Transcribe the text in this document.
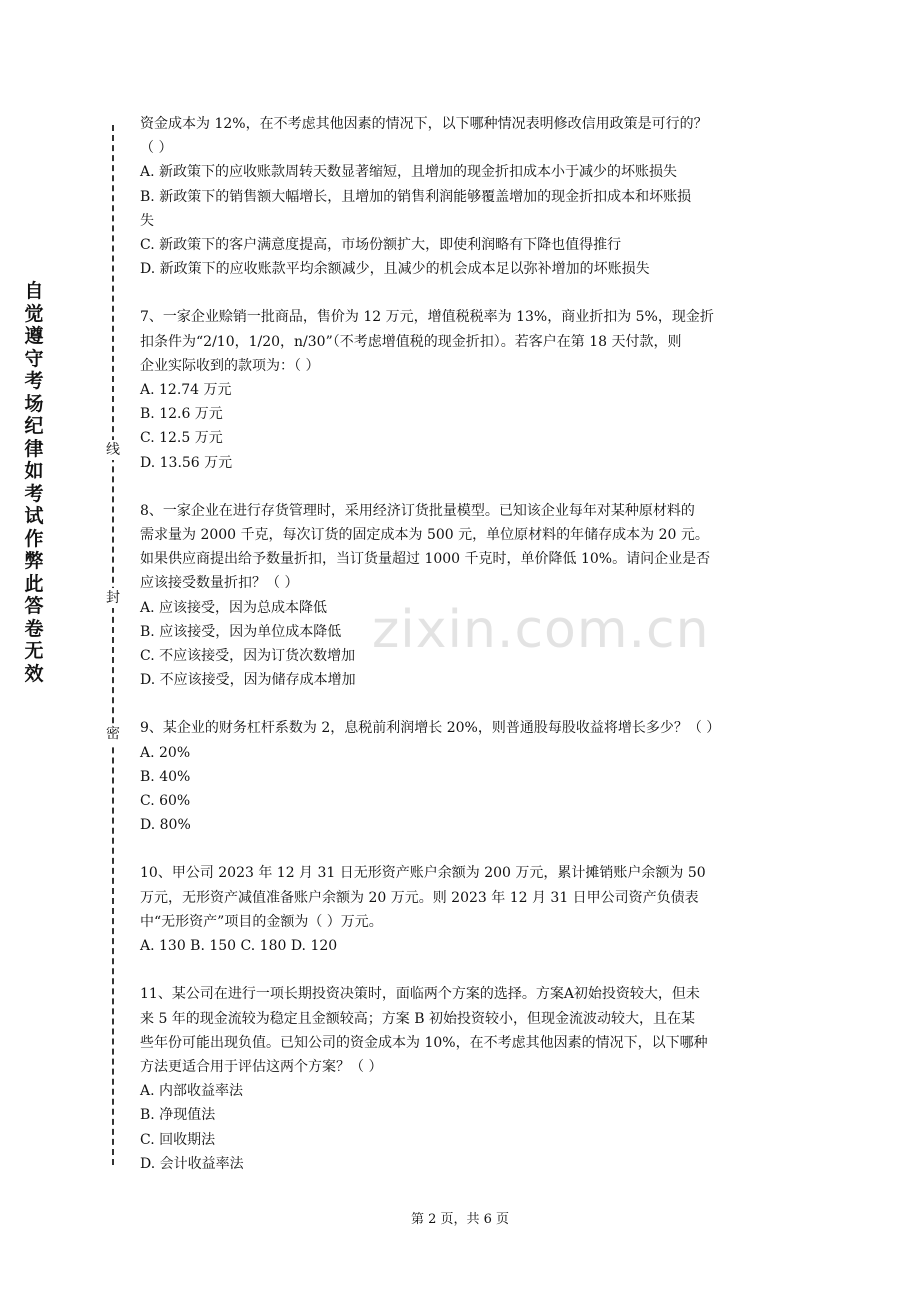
自
觉
遵
守
考
场
纪
律
如
考
试
作
弊
此
答
卷
无
效
线
封
密
zixin.com.cn

资金成本为 12%，在不考虑其他因素的情况下，以下哪种情况表明修改信用政策是可行的？

（ ）

A. 新政策下的应收账款周转天数显著缩短，且增加的现金折扣成本小于减少的坏账损失

B. 新政策下的销售额大幅增长，且增加的销售利润能够覆盖增加的现金折扣成本和坏账损

失

C. 新政策下的客户满意度提高，市场份额扩大，即使利润略有下降也值得推行

D. 新政策下的应收账款平均余额减少，且减少的机会成本足以弥补增加的坏账损失

7、一家企业赊销一批商品，售价为 12 万元，增值税税率为 13%，商业折扣为 5%，现金折

扣条件为“2/10，1/20，n/30”（不考虑增值税的现金折扣）。若客户在第 18 天付款，则

企业实际收到的款项为：（ ）

A. 12.74 万元

B. 12.6 万元

C. 12.5 万元

D. 13.56 万元

8、一家企业在进行存货管理时，采用经济订货批量模型。已知该企业每年对某种原材料的

需求量为 2000 千克，每次订货的固定成本为 500 元，单位原材料的年储存成本为 20 元。

如果供应商提出给予数量折扣，当订货量超过 1000 千克时，单价降低 10%。请问企业是否

应该接受数量折扣？（ ）

A. 应该接受，因为总成本降低

B. 应该接受，因为单位成本降低

C. 不应该接受，因为订货次数增加

D. 不应该接受，因为储存成本增加

9、某企业的财务杠杆系数为 2，息税前利润增长 20%，则普通股每股收益将增长多少？（ ）

A. 20%

B. 40%

C. 60%

D. 80%

10、甲公司 2023 年 12 月 31 日无形资产账户余额为 200 万元，累计摊销账户余额为 50

万元，无形资产减值准备账户余额为 20 万元。则 2023 年 12 月 31 日甲公司资产负债表

中“无形资产”项目的金额为（ ）万元。

A. 130 B. 150 C. 180 D. 120

11、某公司在进行一项长期投资决策时，面临两个方案的选择。方案A初始投资较大，但未

来 5 年的现金流较为稳定且金额较高；方案 B 初始投资较小，但现金流波动较大，且在某

些年份可能出现负值。已知公司的资金成本为 10%，在不考虑其他因素的情况下，以下哪种

方法更适合用于评估这两个方案？（ ）

A. 内部收益率法

B. 净现值法

C. 回收期法

D. 会计收益率法

第 2 页，共 6 页
